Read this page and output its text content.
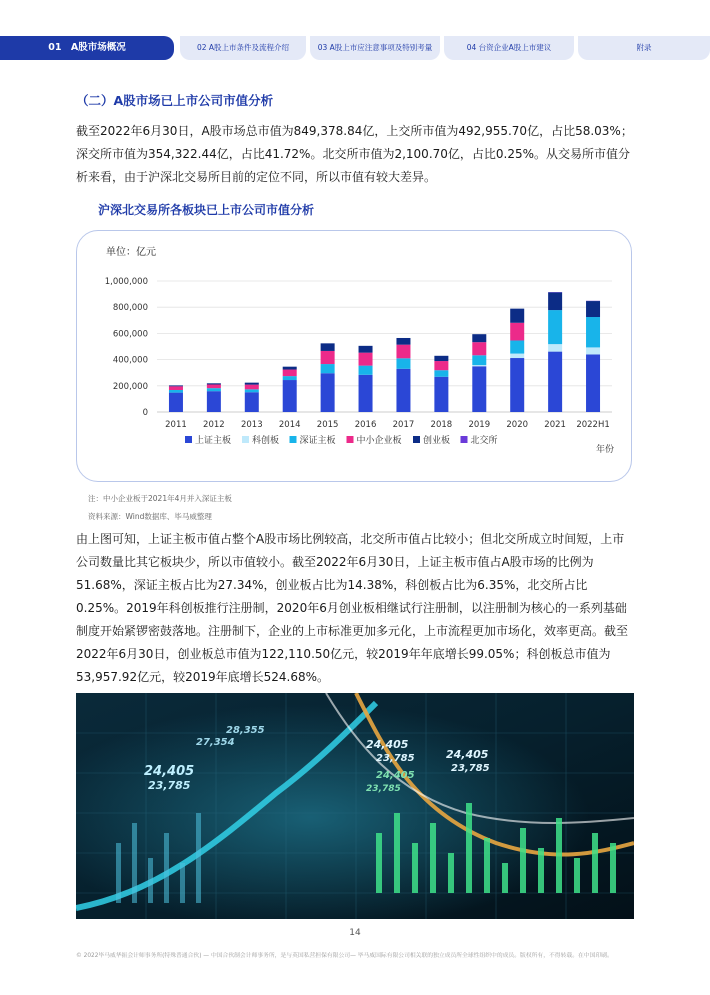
01　A股市场概况	02 A股上市条件及流程介绍	03 A股上市应注意事项及特别考量	04 台资企业A股上市建议	附录
（二）A股市场已上市公司市值分析

截至2022年6月30日，A股市场总市值为849,378.84亿，上交所市值为492,955.70亿，占比58.03%；深交所市值为354,322.44亿，占比41.72%。北交所市值为2,100.70亿，占比0.25%。从交易所市值分析来看，由于沪深北交易所目前的定位不同，所以市值有较大差异。

沪深北交易所各板块已上市公司市值分析
单位：亿元
0
200,000
400,000
600,000
800,000
1,000,000
2011 2012 2013 2014 2015 2016 2017 2018 2019 2020 2021 2022H1
上证主板 科创板 深证主板 中小企业板 创业板 北交所
年份
注：中小企业板于2021年4月并入深证主板
资料来源：Wind数据库、毕马威整理

由上图可知，上证主板市值占整个A股市场比例较高，北交所市值占比较小；但北交所成立时间短，上市公司数量比其它板块少，所以市值较小。截至2022年6月30日，上证主板市值占A股市场的比例为51.68%，深证主板占比为27.34%，创业板占比为14.38%，科创板占比为6.35%，北交所占比0.25%。2019年科创板推行注册制，2020年6月创业板相继试行注册制，以注册制为核心的一系列基础制度开始紧锣密鼓落地。注册制下，企业的上市标准更加多元化，上市流程更加市场化，效率更高。截至2022年6月30日，创业板总市值为122,110.50亿元，较2019年年底增长99.05%；科创板总市值为53,957.92亿元，较2019年底增长524.68%。

28,355
27,354	24,405
23,785	24,405
23,785
24,405
23,785
24,405
23,785
14
© 2022毕马威华振会计师事务所(特殊普通合伙) — 中国合伙制会计师事务所，是与英国私营担保有限公司— 毕马威国际有限公司相关联的独立成员所全球性组织中的成员。版权所有，不得转载。在中国印刷。
